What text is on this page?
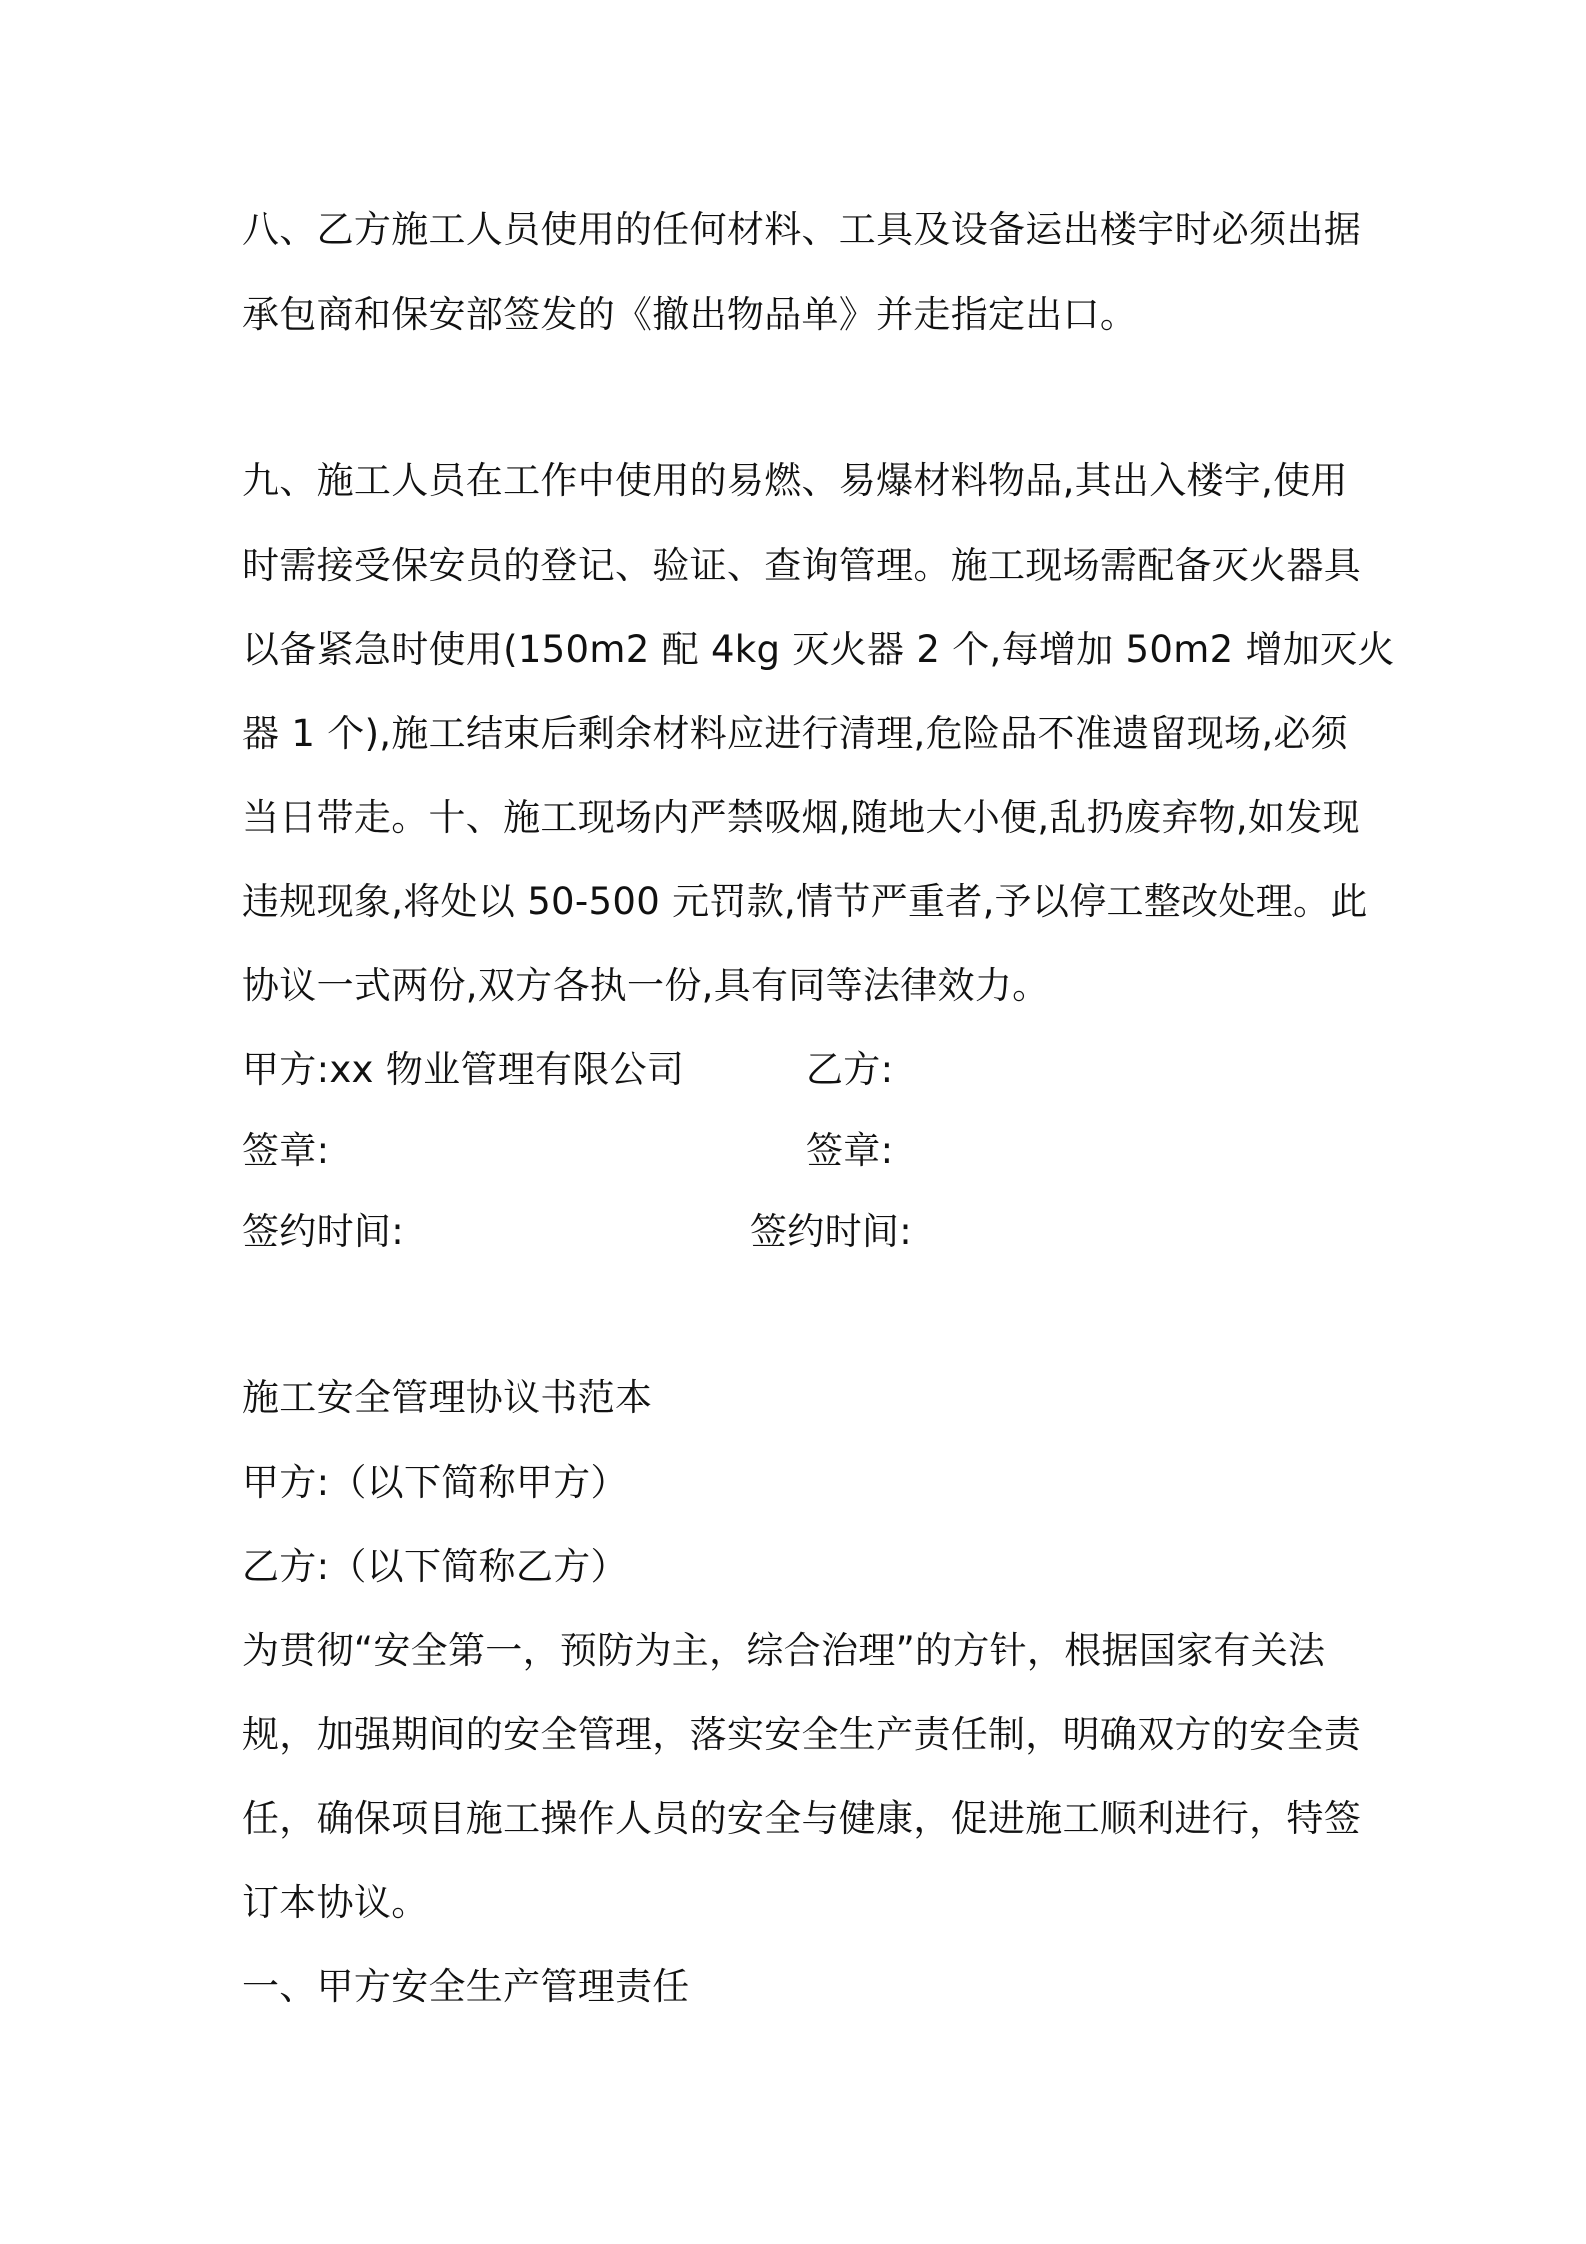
八、乙方施工人员使用的任何材料、工具及设备运出楼宇时必须出据
承包商和保安部签发的《撤出物品单》并走指定出口。
九、施工人员在工作中使用的易燃、易爆材料物品,其出入楼宇,使用
时需接受保安员的登记、验证、查询管理。施工现场需配备灭火器具
以备紧急时使用(150m2 配 4kg 灭火器 2 个,每增加 50m2 增加灭火
器 1 个),施工结束后剩余材料应进行清理,危险品不准遗留现场,必须
当日带走。十、施工现场内严禁吸烟,随地大小便,乱扔废弃物,如发现
违规现象,将处以 50-500 元罚款,情节严重者,予以停工整改处理。此
协议一式两份,双方各执一份,具有同等法律效力。
甲方:xx 物业管理有限公司	乙方:
签章:	签章:
签约时间:	签约时间:
施工安全管理协议书范本
甲方:（以下简称甲方）
乙方:（以下简称乙方）
为贯彻“安全第一，预防为主，综合治理”的方针，根据国家有关法
规，加强期间的安全管理，落实安全生产责任制，明确双方的安全责
任，确保项目施工操作人员的安全与健康，促进施工顺利进行，特签
订本协议。
一、甲方安全生产管理责任
